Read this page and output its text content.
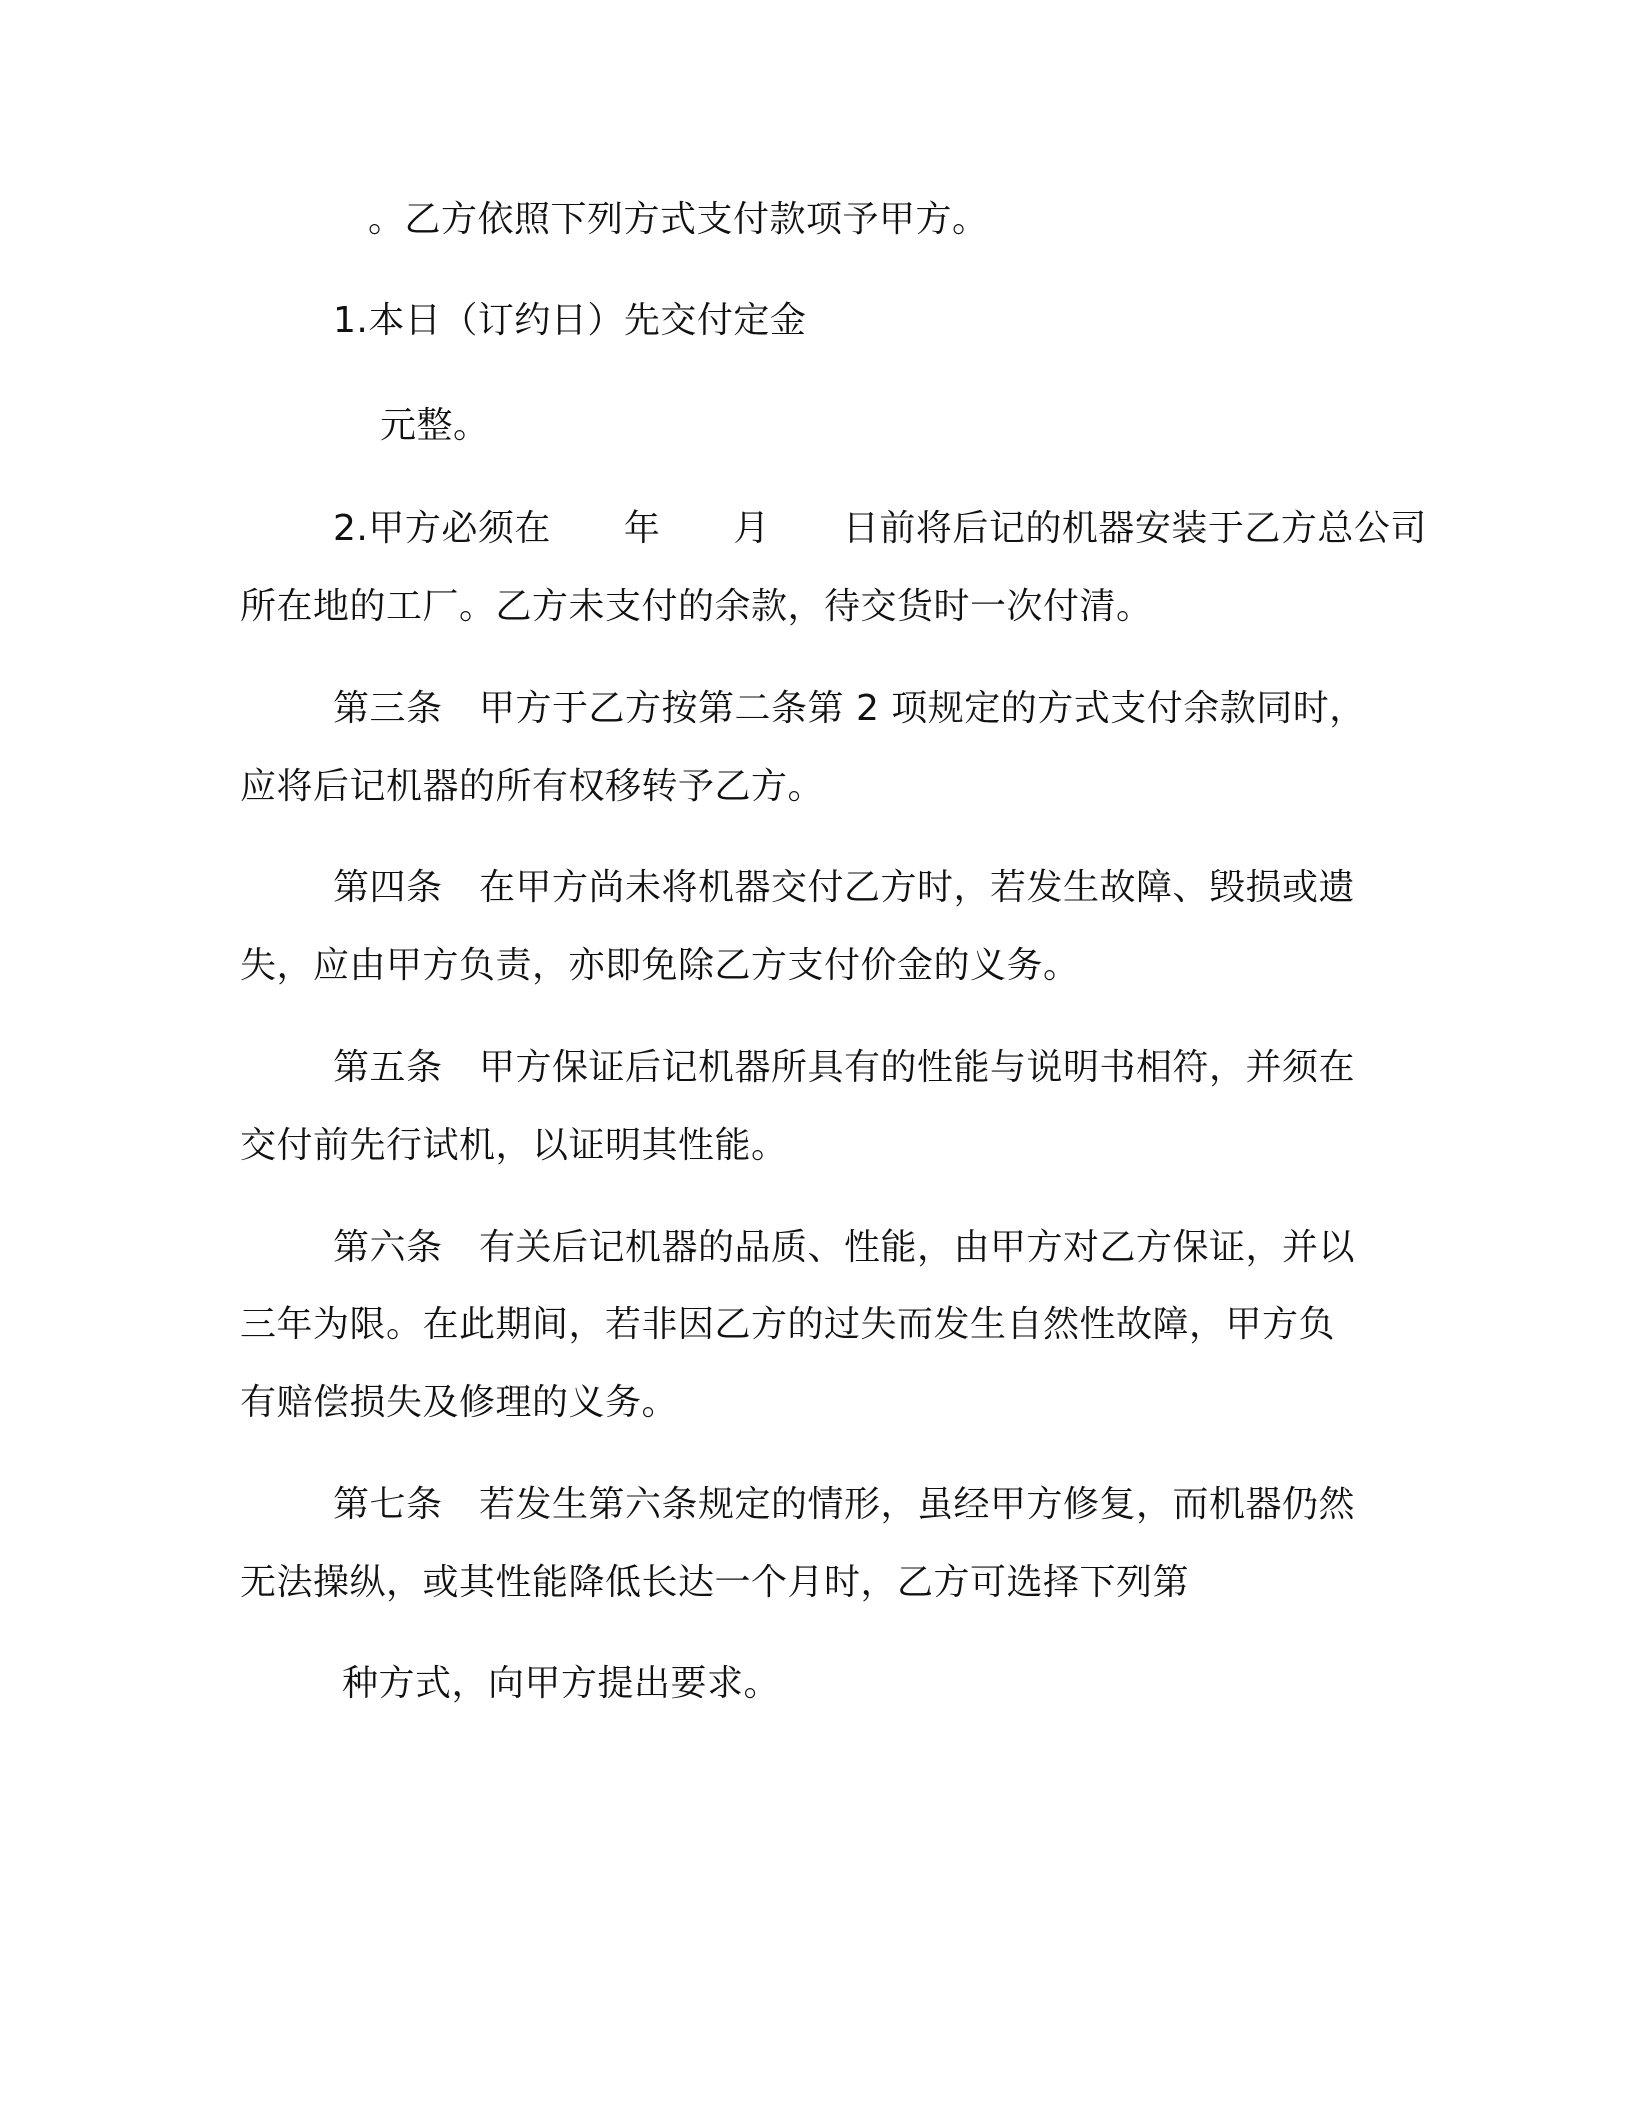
。乙方依照下列方式支付款项予甲方。
1.本日（订约日）先交付定金
元整。
2.甲方必须在　　年　　月　　日前将后记的机器安装于乙方总公司
所在地的工厂。乙方未支付的余款，待交货时一次付清。
第三条　甲方于乙方按第二条第 2 项规定的方式支付余款同时，
应将后记机器的所有权移转予乙方。
第四条　在甲方尚未将机器交付乙方时，若发生故障、毁损或遗
失，应由甲方负责，亦即免除乙方支付价金的义务。
第五条　甲方保证后记机器所具有的性能与说明书相符，并须在
交付前先行试机，以证明其性能。
第六条　有关后记机器的品质、性能，由甲方对乙方保证，并以
三年为限。在此期间，若非因乙方的过失而发生自然性故障，甲方负
有赔偿损失及修理的义务。
第七条　若发生第六条规定的情形，虽经甲方修复，而机器仍然
无法操纵，或其性能降低长达一个月时，乙方可选择下列第
种方式，向甲方提出要求。
